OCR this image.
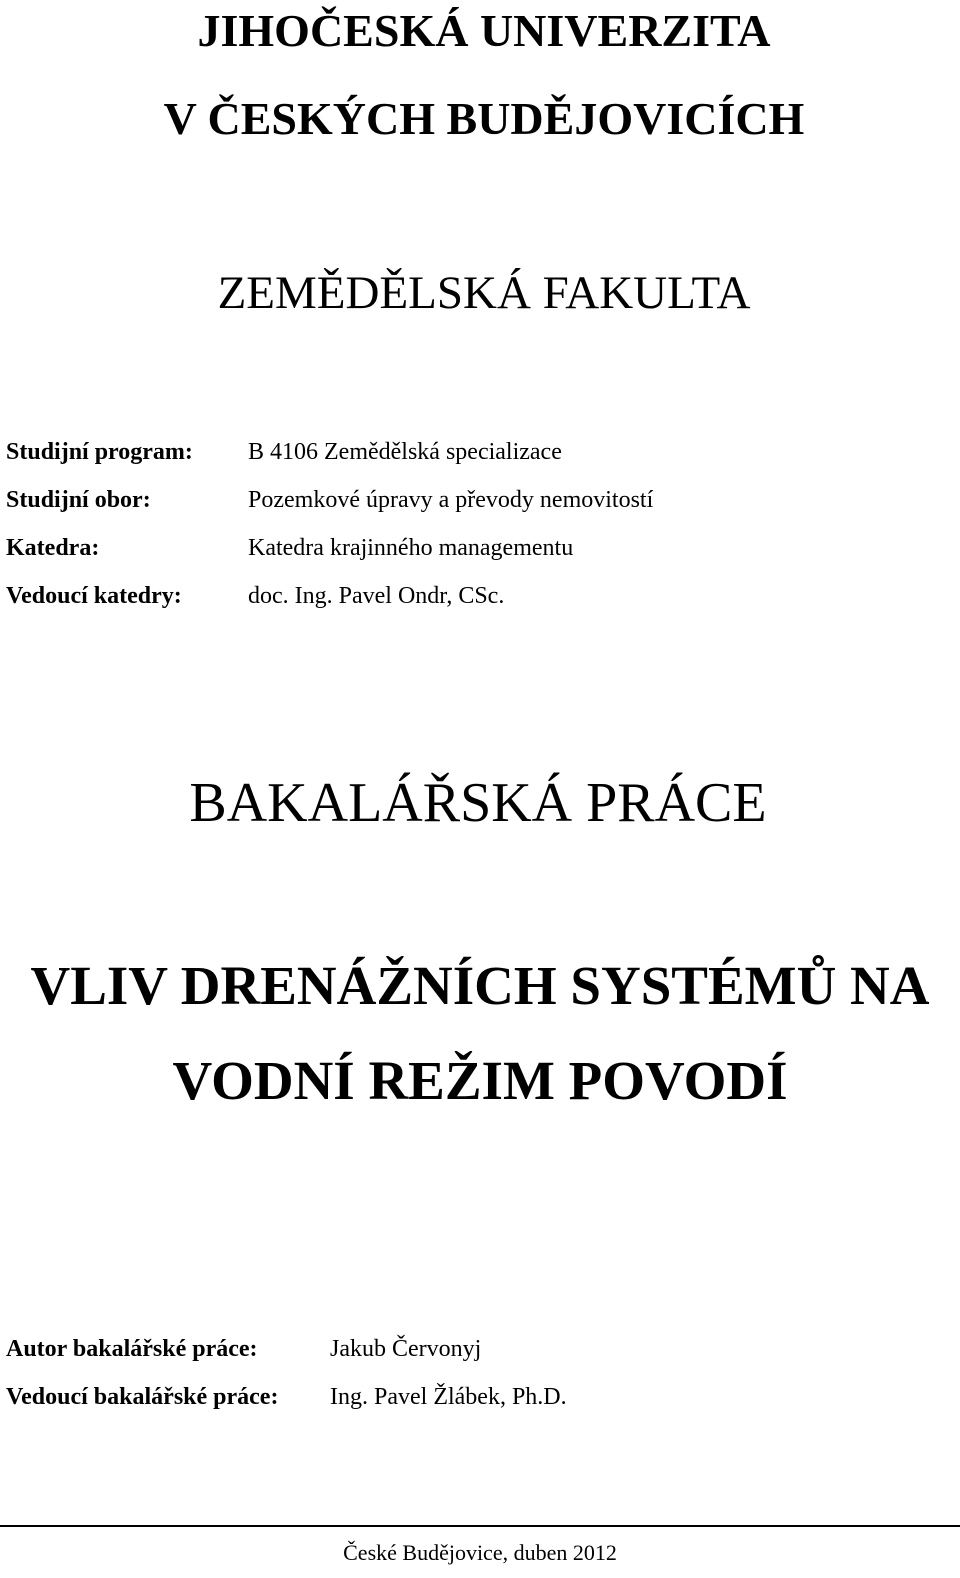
JIHOČESKÁ UNIVERZITA
V ČESKÝCH BUDĚJOVICÍCH
ZEMĚDĚLSKÁ FAKULTA
Studijní program: B 4106 Zemědělská specializace
Studijní obor:	Pozemkové úpravy a převody nemovitostí
Katedra:	Katedra krajinného managementu
Vedoucí katedry:	doc. Ing. Pavel Ondr, CSc.
BAKALÁŘSKÁ PRÁCE
VLIV DRENÁŽNÍCH SYSTÉMŮ NA
VODNÍ REŽIM POVODÍ
Autor bakalářské práce:	Jakub Červonyj
Vedoucí bakalářské práce: Ing. Pavel Žlábek, Ph.D.
České Budějovice, duben 2012
